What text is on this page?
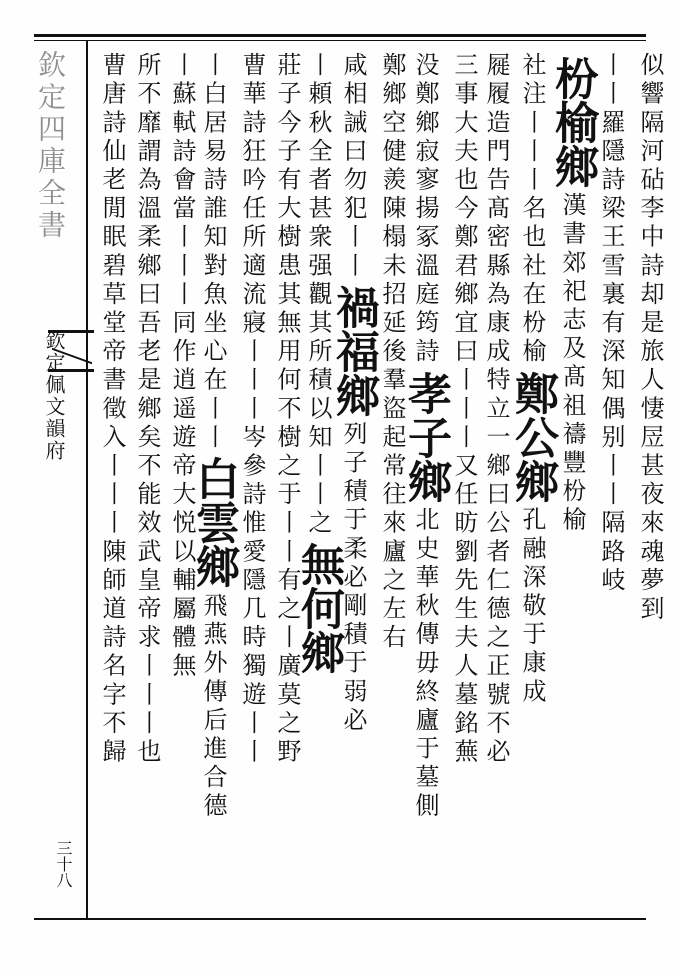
欽定四庫全書
欽定佩文韻府
三十八
似響隔河砧李中詩却是旅人悽㞐甚夜來魂夢到
丨丨羅隱詩梁王雪裏有深知偶别丨丨隔路岐
枌榆鄉漢書郊祀志及髙祖禱豐枌榆
社注丨丨丨名也社在枌榆鄭公鄉孔融深敬于康成
屣履造門告髙密縣為康成特立一鄉曰公者仁德之正號不必
三事大夫也今鄭君鄉宜曰丨丨丨又任昉劉先生夫人墓銘蕪
没鄭鄉寂寥揚冢溫庭筠詩孝子鄉北史華秋傳毋終廬于墓側
鄭鄉空健羨陳榻未招延後羣盜起常往來廬之左右
咸相誡曰勿犯丨丨禍福鄉列子積于柔必剛積于弱必
丨頼秋全者甚衆强觀其所積以知丨丨之無何鄉
莊子今子有大樹患其無用何不樹之于丨丨有之丨廣莫之野
曹華詩狂吟任所適流寢丨丨丨岑參詩惟愛隱几時獨遊丨丨
丨白居易詩誰知對魚坐心在丨丨白雲鄉飛燕外傳后進合德
丨蘇軾詩會當丨丨丨同作逍遥遊帝大悦以輔屬體無
所不靡謂為溫柔鄉曰吾老是鄉矣不能效武皇帝求丨丨丨也
曹唐詩仙老閒眠碧草堂帝書徵入丨丨丨陳師道詩名字不歸
